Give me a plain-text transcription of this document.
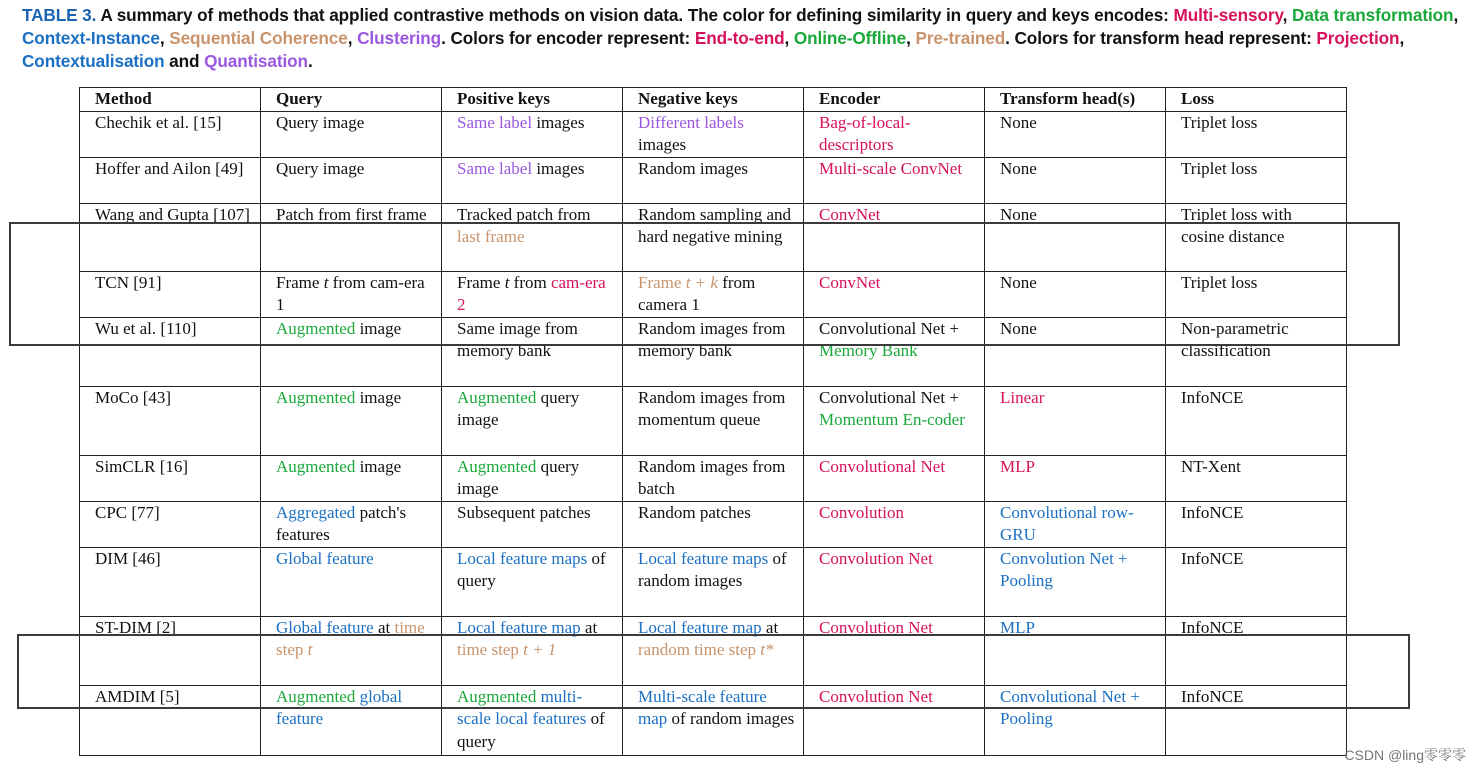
TABLE 3. A summary of methods that applied contrastive methods on vision data. The color for defining similarity in query and keys encodes: Multi-sensory, Data transformation, Context-Instance, Sequential Coherence, Clustering. Colors for encoder represent: End-to-end, Online-Offline, Pre-trained. Colors for transform head represent: Projection, Contextualisation and Quantisation.
Method	Query	Positive keys	Negative keys	Encoder	Transform head(s)	Loss
Chechik et al. [15]	Query image	Same label images	Different labels images	Bag-of-local-descriptors	None	Triplet loss
Hoffer and Ailon [49]	Query image	Same label images	Random images	Multi-scale ConvNet	None	Triplet loss
Wang and Gupta [107]	Patch from first frame	Tracked patch from last frame	Random sampling and hard negative mining	ConvNet	None	Triplet loss with cosine distance
TCN [91]	Frame t from cam-era 1	Frame t from cam-era 2	Frame t + k from camera 1	ConvNet	None	Triplet loss
Wu et al. [110]	Augmented image	Same image from memory bank	Random images from memory bank	Convolutional Net + Memory Bank	None	Non-parametric classification
MoCo [43]	Augmented image	Augmented query image	Random images from momentum queue	Convolutional Net + Momentum En-coder	Linear	InfoNCE
SimCLR [16]	Augmented image	Augmented query image	Random images from batch	Convolutional Net	MLP	NT-Xent
CPC [77]	Aggregated patch's features	Subsequent patches	Random patches	Convolution	Convolutional row-GRU	InfoNCE
DIM [46]	Global feature	Local feature maps of query	Local feature maps of random images	Convolution Net	Convolution Net + Pooling	InfoNCE
ST-DIM [2]	Global feature at time step t	Local feature map at time step t + 1	Local feature map at random time step t*	Convolution Net	MLP	InfoNCE
AMDIM [5]	Augmented global feature	Augmented multi-scale local features of query	Multi-scale feature map of random images	Convolution Net	Convolutional Net + Pooling	InfoNCE
CSDN @ling零零零
